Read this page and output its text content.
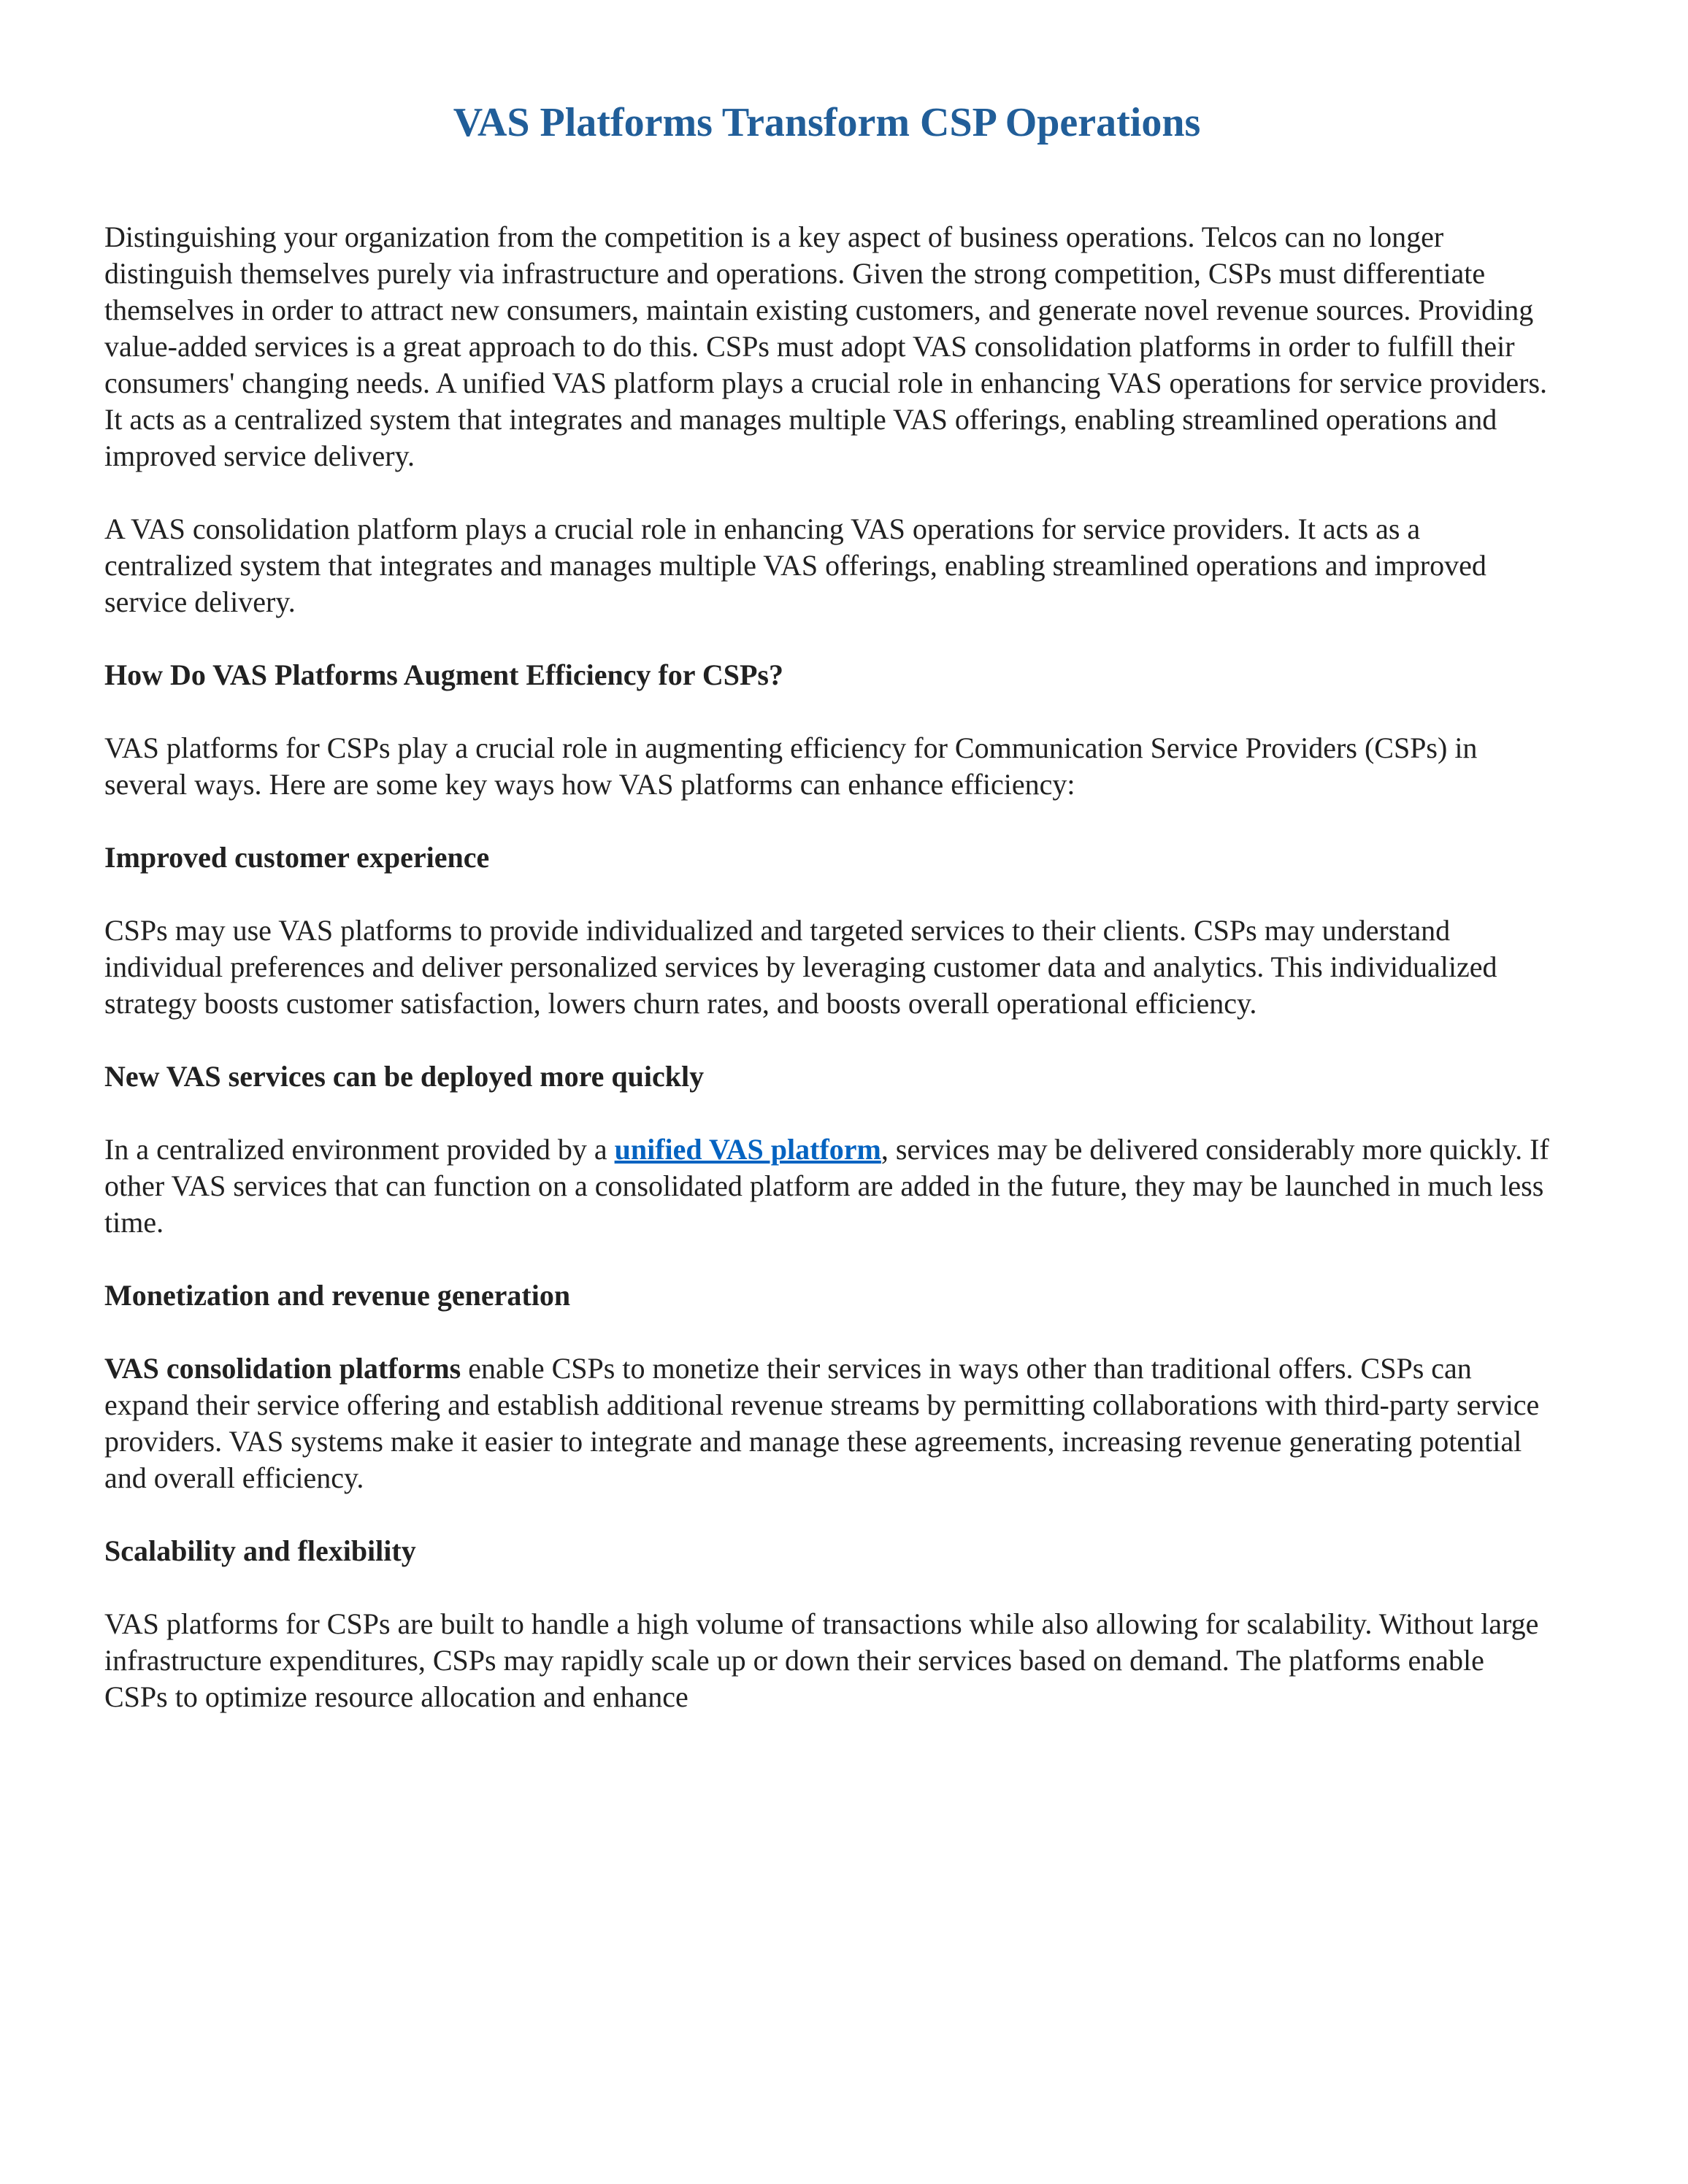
VAS Platforms Transform CSP Operations

Distinguishing your organization from the competition is a key aspect of business operations. Telcos can no longer distinguish themselves purely via infrastructure and operations. Given the strong competition, CSPs must differentiate themselves in order to attract new consumers, maintain existing customers, and generate novel revenue sources. Providing value-added services is a great approach to do this. CSPs must adopt VAS consolidation platforms in order to fulfill their consumers' changing needs. A unified VAS platform plays a crucial role in enhancing VAS operations for service providers. It acts as a centralized system that integrates and manages multiple VAS offerings, enabling streamlined operations and improved service delivery.

A VAS consolidation platform plays a crucial role in enhancing VAS operations for service providers. It acts as a centralized system that integrates and manages multiple VAS offerings, enabling streamlined operations and improved service delivery.

How Do VAS Platforms Augment Efficiency for CSPs?

VAS platforms for CSPs play a crucial role in augmenting efficiency for Communication Service Providers (CSPs) in several ways. Here are some key ways how VAS platforms can enhance efficiency:

Improved customer experience

CSPs may use VAS platforms to provide individualized and targeted services to their clients. CSPs may understand individual preferences and deliver personalized services by leveraging customer data and analytics. This individualized strategy boosts customer satisfaction, lowers churn rates, and boosts overall operational efficiency.

New VAS services can be deployed more quickly

In a centralized environment provided by a unified VAS platform, services may be delivered considerably more quickly. If other VAS services that can function on a consolidated platform are added in the future, they may be launched in much less time.

Monetization and revenue generation

VAS consolidation platforms enable CSPs to monetize their services in ways other than traditional offers. CSPs can expand their service offering and establish additional revenue streams by permitting collaborations with third-party service providers. VAS systems make it easier to integrate and manage these agreements, increasing revenue generating potential and overall efficiency.

Scalability and flexibility

VAS platforms for CSPs are built to handle a high volume of transactions while also allowing for scalability. Without large infrastructure expenditures, CSPs may rapidly scale up or down their services based on demand. The platforms enable CSPs to optimize resource allocation and enhance
